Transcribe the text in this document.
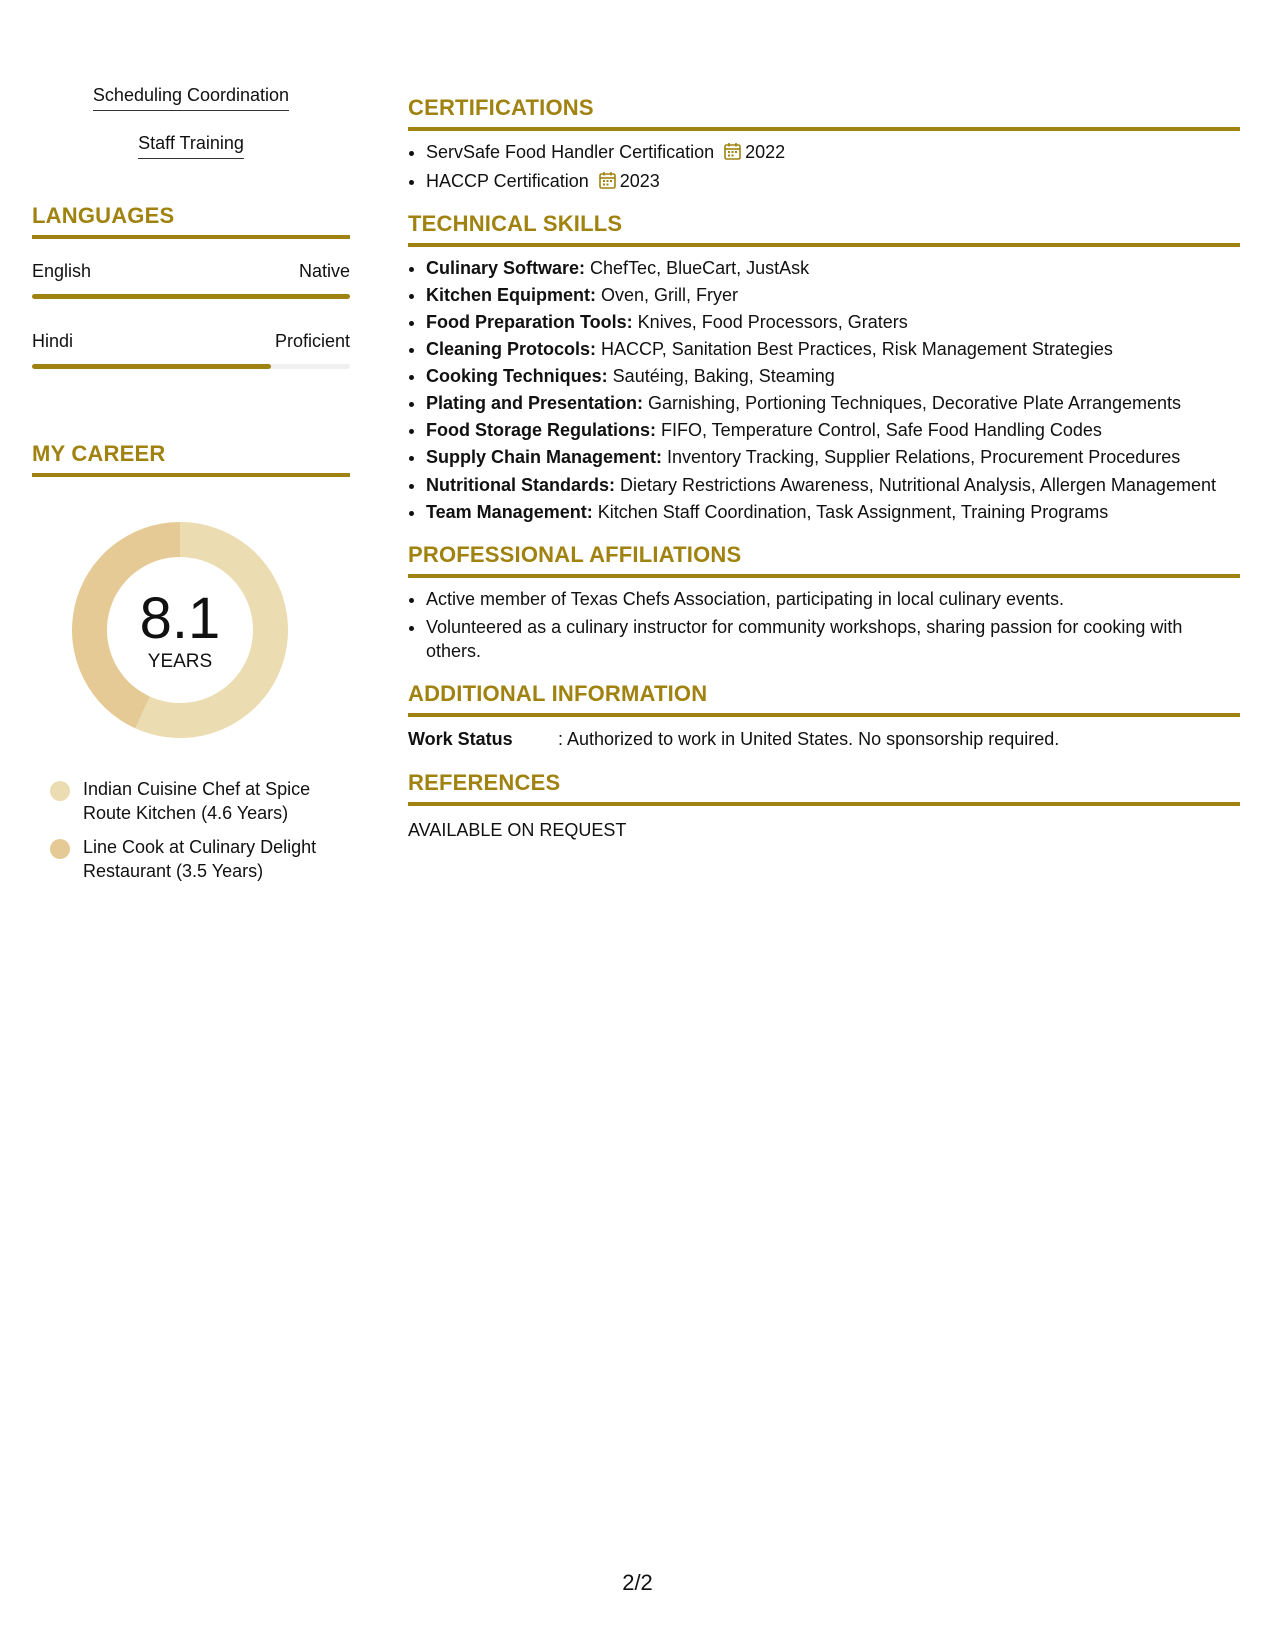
Scheduling Coordination
Staff Training
LANGUAGES
English	Native
Hindi	Proficient
MY CAREER
8.1
YEARS
Indian Cuisine Chef at Spice Route Kitchen (4.6 Years)
Line Cook at Culinary Delight Restaurant (3.5 Years)
CERTIFICATIONS
• ServSafe Food Handler Certification 2022
• HACCP Certification 2023
TECHNICAL SKILLS
• Culinary Software: ChefTec, BlueCart, JustAsk
• Kitchen Equipment: Oven, Grill, Fryer
• Food Preparation Tools: Knives, Food Processors, Graters
• Cleaning Protocols: HACCP, Sanitation Best Practices, Risk Management Strategies
• Cooking Techniques: Sautéing, Baking, Steaming
• Plating and Presentation: Garnishing, Portioning Techniques, Decorative Plate Arrangements
• Food Storage Regulations: FIFO, Temperature Control, Safe Food Handling Codes
• Supply Chain Management: Inventory Tracking, Supplier Relations, Procurement Procedures
• Nutritional Standards: Dietary Restrictions Awareness, Nutritional Analysis, Allergen Management
• Team Management: Kitchen Staff Coordination, Task Assignment, Training Programs
PROFESSIONAL AFFILIATIONS
• Active member of Texas Chefs Association, participating in local culinary events.
• Volunteered as a culinary instructor for community workshops, sharing passion for cooking with others.
ADDITIONAL INFORMATION
Work Status	: Authorized to work in United States. No sponsorship required.
REFERENCES
AVAILABLE ON REQUEST
2/2
